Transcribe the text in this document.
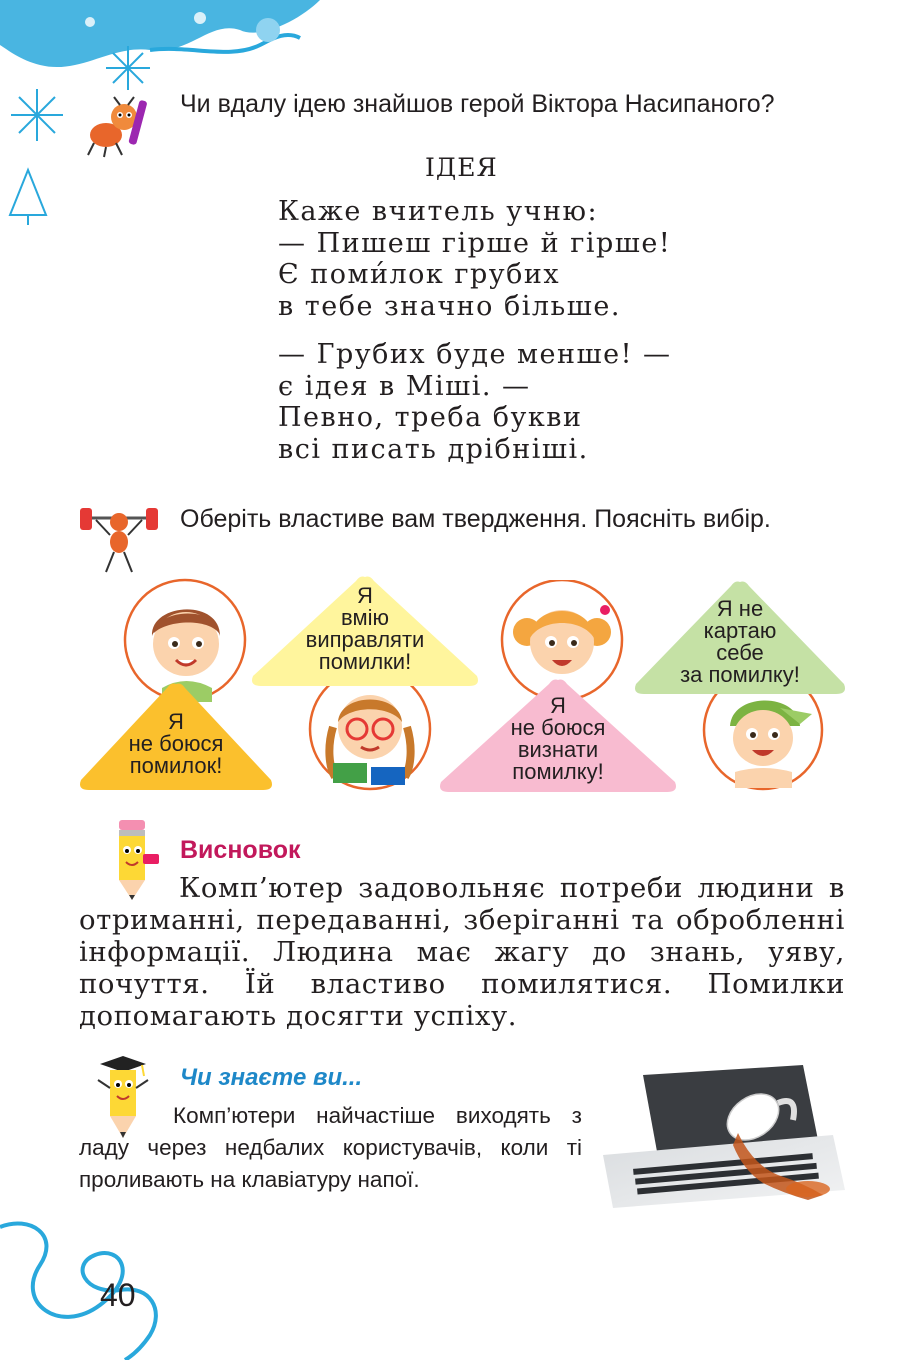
Чи вдалу ідею знайшов герой Віктора Насипаного?
ІДЕЯ
Каже вчитель учню:
— Пишеш гірше й гірше!
Є поми́лок грубих
в тебе значно більше.
— Грубих буде менше! —
є ідея в Міші. —
Певно, треба букви
всі писать дрібніші.
Оберіть властиве вам твердження. Поясніть вибір.
Я
не боюся
помилок!
Я
вмію
виправляти
помилки!
Я
не боюся
визнати
помилку!
Я не
картаю
себе
за помилку!
Висновок
Комп’ютер задовольняє потреби людини в отриманні, передаванні, зберіганні та обробленні інформації. Людина має жагу до знань, уяву, почуття. Їй властиво помилятися. Помилки допомагають досягти успіху.
Чи знаєте ви...
Комп’ютери найчастіше виходять з ладу через недбалих користувачів, коли ті проливають на клавіатуру напої.
40
